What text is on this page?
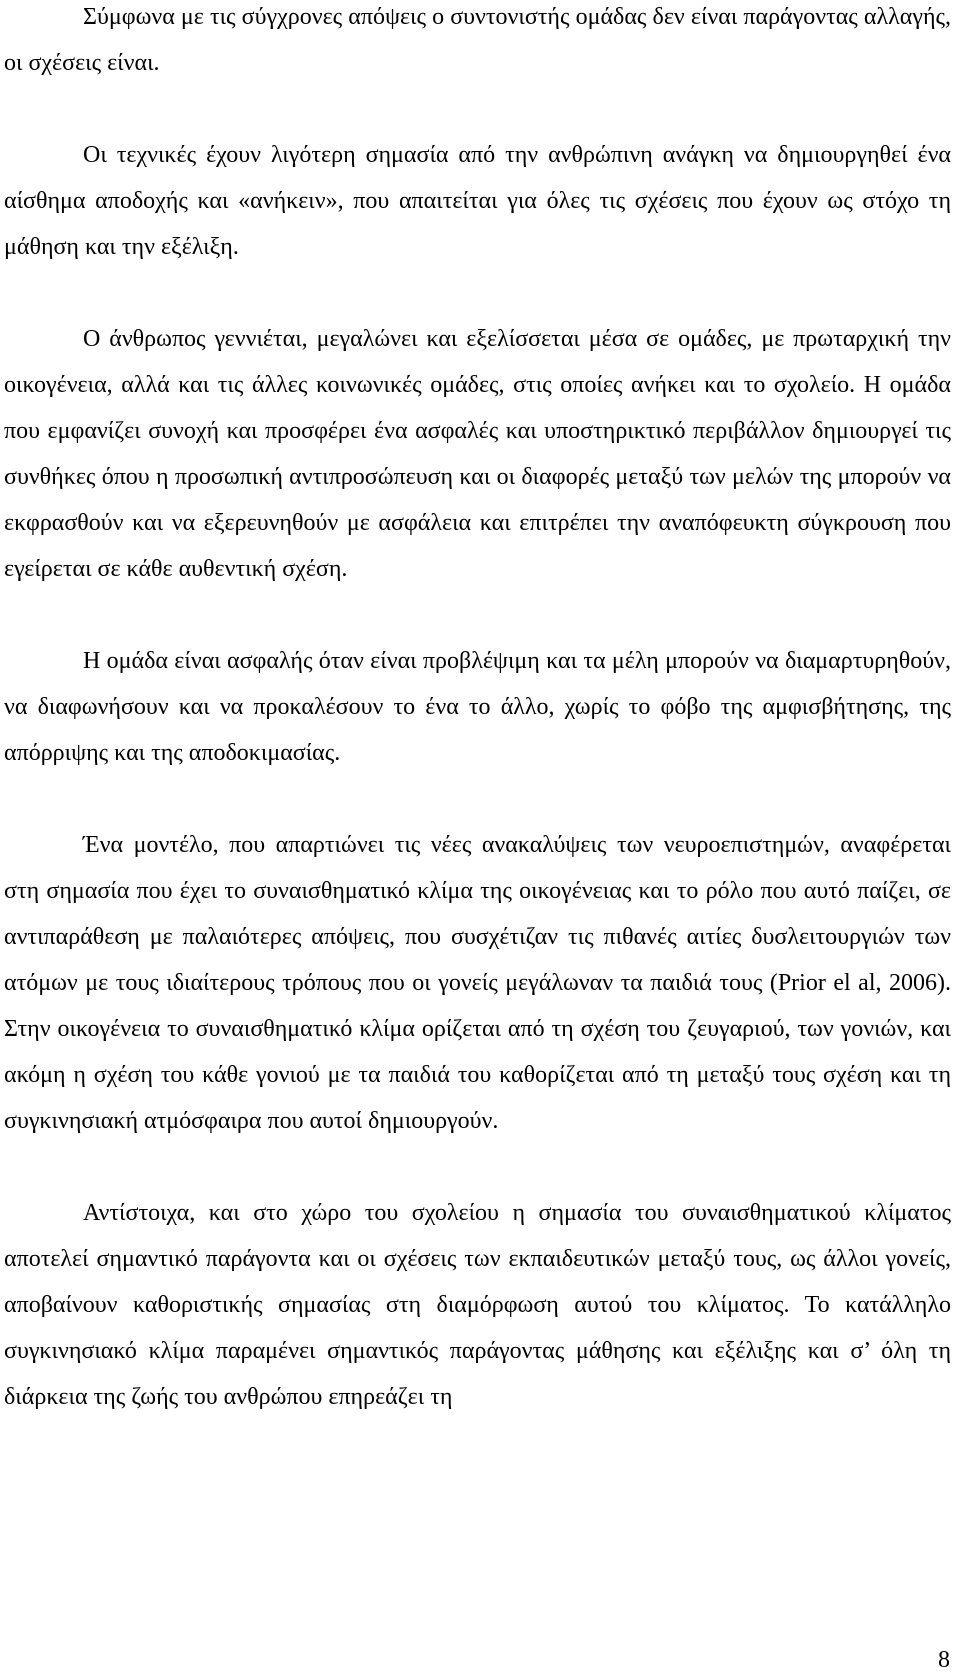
Σύμφωνα με τις σύγχρονες απόψεις ο συντονιστής ομάδας δεν είναι παράγοντας αλλαγής, οι σχέσεις είναι.

Οι τεχνικές έχουν λιγότερη σημασία από την ανθρώπινη ανάγκη να δημιουργηθεί ένα αίσθημα αποδοχής και «ανήκειν», που απαιτείται για όλες τις σχέσεις που έχουν ως στόχο τη μάθηση και την εξέλιξη.

Ο άνθρωπος γεννιέται, μεγαλώνει και εξελίσσεται μέσα σε ομάδες, με πρωταρχική την οικογένεια, αλλά και τις άλλες κοινωνικές ομάδες, στις οποίες ανήκει και το σχολείο. Η ομάδα που εμφανίζει συνοχή και προσφέρει ένα ασφαλές και υποστηρικτικό περιβάλλον δημιουργεί τις συνθήκες όπου η προσωπική αντιπροσώπευση και οι διαφορές μεταξύ των μελών της μπορούν να εκφρασθούν και να εξερευνηθούν με ασφάλεια και επιτρέπει την αναπόφευκτη σύγκρουση που εγείρεται σε κάθε αυθεντική σχέση.

Η ομάδα είναι ασφαλής όταν είναι προβλέψιμη και τα μέλη μπορούν να διαμαρτυρηθούν, να διαφωνήσουν και να προκαλέσουν το ένα το άλλο, χωρίς το φόβο της αμφισβήτησης, της απόρριψης και της αποδοκιμασίας.

Ένα μοντέλο, που απαρτιώνει τις νέες ανακαλύψεις των νευροεπιστημών, αναφέρεται στη σημασία που έχει το συναισθηματικό κλίμα της οικογένειας και το ρόλο που αυτό παίζει, σε αντιπαράθεση με παλαιότερες απόψεις, που συσχέτιζαν τις πιθανές αιτίες δυσλειτουργιών των ατόμων με τους ιδιαίτερους τρόπους που οι γονείς μεγάλωναν τα παιδιά τους (Prior el al, 2006). Στην οικογένεια το συναισθηματικό κλίμα ορίζεται από τη σχέση του ζευγαριού, των γονιών, και ακόμη η σχέση του κάθε γονιού με τα παιδιά του καθορίζεται από τη μεταξύ τους σχέση και τη συγκινησιακή ατμόσφαιρα που αυτοί δημιουργούν.

Αντίστοιχα, και στο χώρο του σχολείου η σημασία του συναισθηματικού κλίματος αποτελεί σημαντικό παράγοντα και οι σχέσεις των εκπαιδευτικών μεταξύ τους, ως άλλοι γονείς, αποβαίνουν καθοριστικής σημασίας στη διαμόρφωση αυτού του κλίματος. Το κατάλληλο συγκινησιακό κλίμα παραμένει σημαντικός παράγοντας μάθησης και εξέλιξης και σ’ όλη τη διάρκεια της ζωής του ανθρώπου επηρεάζει τη

8
